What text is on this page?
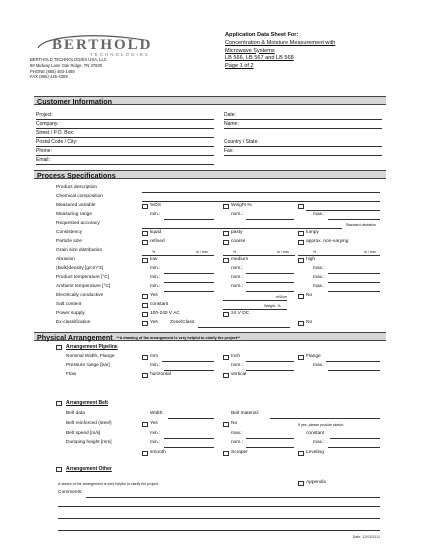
BERTHOLD
TECHNOLOGIES
BERTHOLD TECHNOLOGIES USA, LLC
99 Midway Lane Oak Ridge, TN 37830
PHONE (865) 483-1488
FAX (865) 425-4309
Application Data Sheet For:
Concentration & Moisture Measurement with
Microwave Systems
LB 566, LB 567 and LB 568
Page 1 of 2
Customer Information
Project:	Date:
Company:	Name:
Street / P.O. Box:
Postal Code / City:	Country / State:
Phone:	Fax:
Email:
Process Specifications
Product description
Chemical composition
Measured variable	%DS	Weight-%
Measuring range	min.:	nom.:	max.:
Requested accuracy	Standard deviation
Consistency	liquid	pasty	lumpy
Particle size	refined	coarse	approx. non-varying
Grain size distribution	%	in / mm	%	in / mm	%	in / mm
Abrasion	low	medium	high
(Bulk)density [g/cm^3]	min.:	nom.:	max.:
Product temperature [°C]	min.:	nom.:	max.:
Ambient temperature [°C]	min.:	nom.:	max.:
Electrically conductive	Yes	mS/cm	No
Salt content	constant	Weight.-%
Power supply	100-240 V AC	24 V DC
Ex-classification	Yes	Zone/Class:	No
Physical Arrangement **A drawing of the arrangement is very helpful to clarify the project**
Arrangement Pipeline
Nominal Width, Flange	mm	Inch	Flange
Pressure range [bar]	min.:	nom.:	max.:
Flow	horizontal	vertical
Arrangement Belt
Belt data	Width:	Belt material:
Belt reinforced (steel)	Yes	No	If yes, please provide sketch.
Belt speed [m/s]	min.:	max.:	constant
Dumping height [mm]	min.:	nom.:	max.:
smooth	Scraper	Leveling
Arrangement Other
A sketch of the arrangement is very helpful to clarify the project.	Appendix
Comments:
Date: 12/03/2011
